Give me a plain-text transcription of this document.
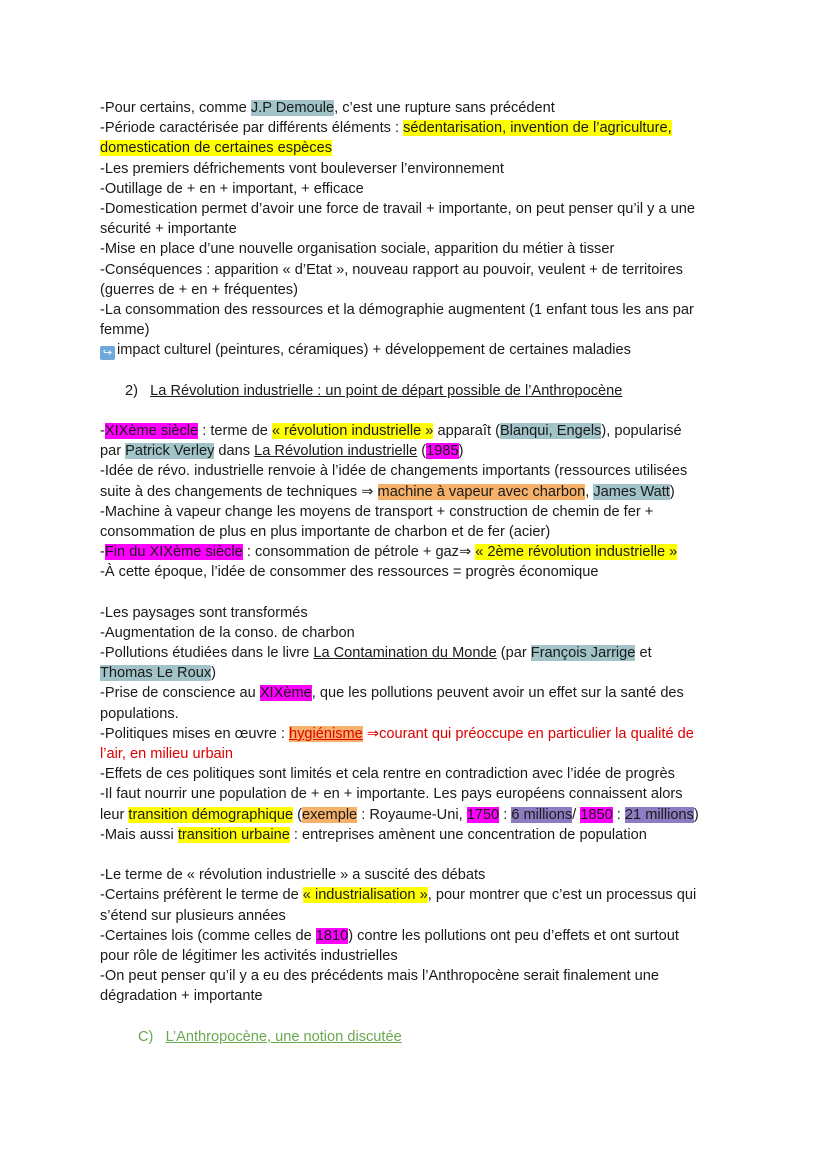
-Pour certains, comme J.P Demoule, c’est une rupture sans précédent
-Période caractérisée par différents éléments : sédentarisation, invention de l’agriculture,
domestication de certaines espèces
-Les premiers défrichements vont bouleverser l’environnement
-Outillage de + en + important, + efficace
-Domestication permet d’avoir une force de travail + importante, on peut penser qu’il y a une
sécurité + importante
-Mise en place d’une nouvelle organisation sociale, apparition du métier à tisser
-Conséquences : apparition « d’Etat », nouveau rapport au pouvoir, veulent + de territoires
(guerres de + en + fréquentes)
-La consommation des ressources et la démographie augmentent (1 enfant tous les ans par
femme)
↪ impact culturel (peintures, céramiques) + développement de certaines maladies
2) La Révolution industrielle : un point de départ possible de l’Anthropocène
-XIXème siècle : terme de « révolution industrielle » apparaît (Blanqui, Engels), popularisé
par Patrick Verley dans La Révolution industrielle (1985)
-Idée de révo. industrielle renvoie à l’idée de changements importants (ressources utilisées
suite à des changements de techniques ⇒ machine à vapeur avec charbon, James Watt)
-Machine à vapeur change les moyens de transport + construction de chemin de fer +
consommation de plus en plus importante de charbon et de fer (acier)
-Fin du XIXème siècle : consommation de pétrole + gaz⇒ « 2ème révolution industrielle »
-À cette époque, l’idée de consommer des ressources = progrès économique
-Les paysages sont transformés
-Augmentation de la conso. de charbon
-Pollutions étudiées dans le livre La Contamination du Monde (par François Jarrige et
Thomas Le Roux)
-Prise de conscience au XIXème, que les pollutions peuvent avoir un effet sur la santé des
populations.
-Politiques mises en œuvre : hygiénisme ⇒courant qui préoccupe en particulier la qualité de
l’air, en milieu urbain
-Effets de ces politiques sont limités et cela rentre en contradiction avec l’idée de progrès
-Il faut nourrir une population de + en + importante. Les pays européens connaissent alors
leur transition démographique (exemple : Royaume-Uni, 1750 : 6 millions/ 1850 : 21 millions)
-Mais aussi transition urbaine : entreprises amènent une concentration de population
-Le terme de « révolution industrielle » a suscité des débats
-Certains préfèrent le terme de « industrialisation », pour montrer que c’est un processus qui
s’étend sur plusieurs années
-Certaines lois (comme celles de 1810) contre les pollutions ont peu d’effets et ont surtout
pour rôle de légitimer les activités industrielles
-On peut penser qu’il y a eu des précédents mais l’Anthropocène serait finalement une
dégradation + importante
C) L’Anthropocène, une notion discutée
